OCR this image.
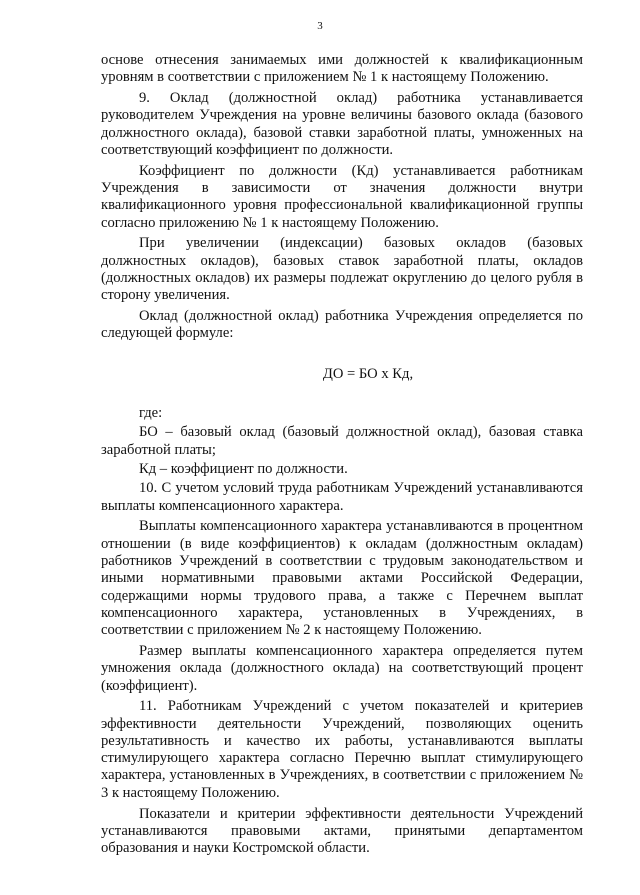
3

основе отнесения занимаемых ими должностей к квалификационным уровням в соответствии с приложением № 1 к настоящему Положению.

9. Оклад (должностной оклад) работника устанавливается руководителем Учреждения на уровне величины базового оклада (базового должностного оклада), базовой ставки заработной платы, умноженных на соответствующий коэффициент по должности.

Коэффициент по должности (Кд) устанавливается работникам Учреждения в зависимости от значения должности внутри квалификационного уровня профессиональной квалификационной группы согласно приложению № 1 к настоящему Положению.

При увеличении (индексации) базовых окладов (базовых должностных окладов), базовых ставок заработной платы, окладов (должностных окладов) их размеры подлежат округлению до целого рубля в сторону увеличения.

Оклад (должностной оклад) работника Учреждения определяется по следующей формуле:

ДО = БО х Кд,

где:

БО – базовый оклад (базовый должностной оклад), базовая ставка заработной платы;

Кд – коэффициент по должности.

10. С учетом условий труда работникам Учреждений устанавливаются выплаты компенсационного характера.

Выплаты компенсационного характера устанавливаются в процентном отношении (в виде коэффициентов) к окладам (должностным окладам) работников Учреждений в соответствии с трудовым законодательством и иными нормативными правовыми актами Российской Федерации, содержащими нормы трудового права, а также с Перечнем выплат компенсационного характера, установленных в Учреждениях, в соответствии с приложением № 2 к настоящему Положению.

Размер выплаты компенсационного характера определяется путем умножения оклада (должностного оклада) на соответствующий процент (коэффициент).

11. Работникам Учреждений с учетом показателей и критериев эффективности деятельности Учреждений, позволяющих оценить результативность и качество их работы, устанавливаются выплаты стимулирующего характера согласно Перечню выплат стимулирующего характера, установленных в Учреждениях, в соответствии с приложением № 3 к настоящему Положению.

Показатели и критерии эффективности деятельности Учреждений устанавливаются правовыми актами, принятыми департаментом образования и науки Костромской области.
